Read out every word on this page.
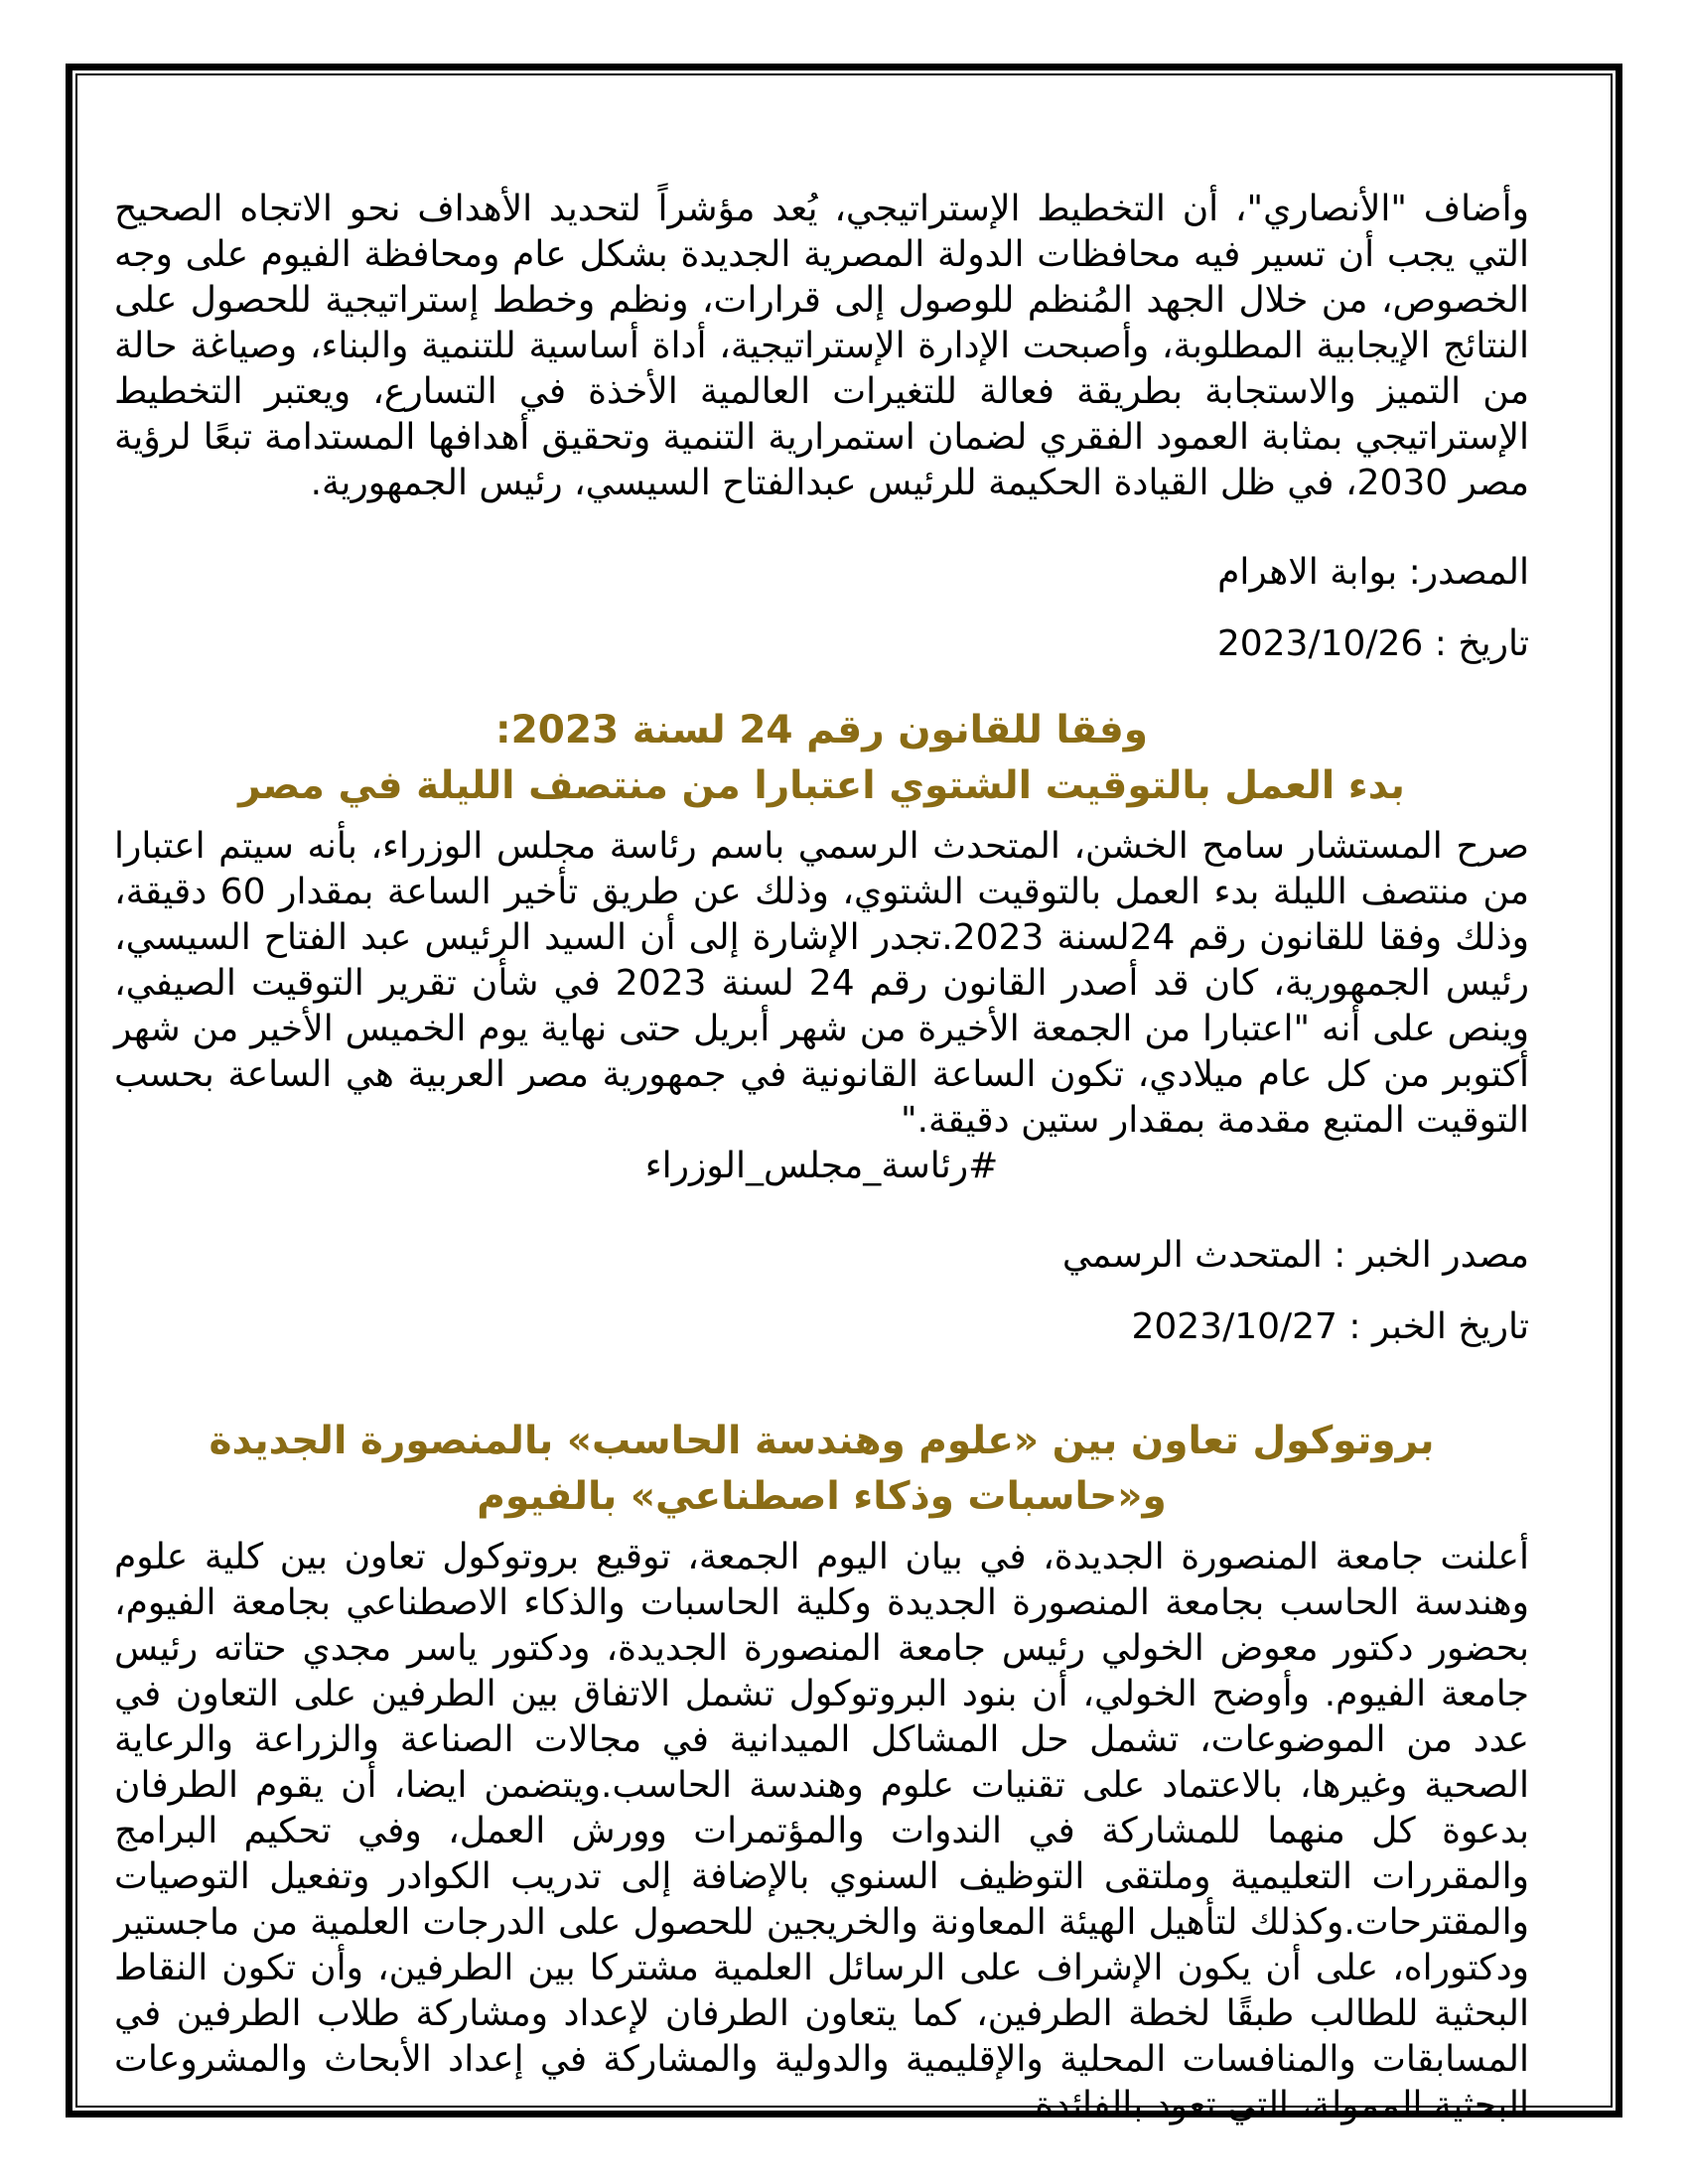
وأضاف "الأنصاري"، أن التخطيط الإستراتيجي، يُعد مؤشراً لتحديد الأهداف نحو الاتجاه الصحيح التي يجب أن تسير فيه محافظات الدولة المصرية الجديدة بشكل عام ومحافظة الفيوم على وجه الخصوص، من خلال الجهد المُنظم للوصول إلى قرارات، ونظم وخطط إستراتيجية للحصول على النتائج الإيجابية المطلوبة، وأصبحت الإدارة الإستراتيجية، أداة أساسية للتنمية والبناء، وصياغة حالة من التميز والاستجابة بطريقة فعالة للتغيرات العالمية الأخذة في التسارع، ويعتبر التخطيط الإستراتيجي بمثابة العمود الفقري لضمان استمرارية التنمية وتحقيق أهدافها المستدامة تبعًا لرؤية مصر 2030، في ظل القيادة الحكيمة للرئيس عبدالفتاح السيسي، رئيس الجمهورية.

المصدر: بوابة الاهرام

تاريخ : 2023/10/26

وفقا للقانون رقم 24 لسنة 2023:
بدء العمل بالتوقيت الشتوي اعتبارا من منتصف الليلة في مصر

صرح المستشار سامح الخشن، المتحدث الرسمي باسم رئاسة مجلس الوزراء، بأنه سيتم اعتبارا من منتصف الليلة بدء العمل بالتوقيت الشتوي، وذلك عن طريق تأخير الساعة بمقدار 60 دقيقة، وذلك وفقا للقانون رقم 24لسنة 2023.تجدر الإشارة إلى أن السيد الرئيس عبد الفتاح السيسي، رئيس الجمهورية، كان قد أصدر القانون رقم 24 لسنة 2023 في شأن تقرير التوقيت الصيفي، وينص على أنه "اعتبارا من الجمعة الأخيرة من شهر أبريل حتى نهاية يوم الخميس الأخير من شهر أكتوبر من كل عام ميلادي، تكون الساعة القانونية في جمهورية مصر العربية هي الساعة بحسب التوقيت المتبع مقدمة بمقدار ستين دقيقة."

#رئاسة_مجلس_الوزراء

مصدر الخبر : المتحدث الرسمي

تاريخ الخبر : 2023/10/27

بروتوكول تعاون بين «علوم وهندسة الحاسب» بالمنصورة الجديدة و«حاسبات وذكاء اصطناعي» بالفيوم

أعلنت جامعة المنصورة الجديدة، في بيان اليوم الجمعة، توقيع بروتوكول تعاون بين كلية علوم وهندسة الحاسب بجامعة المنصورة الجديدة وكلية الحاسبات والذكاء الاصطناعي بجامعة الفيوم، بحضور دكتور معوض الخولي رئيس جامعة المنصورة الجديدة، ودكتور ياسر مجدي حتاته رئيس جامعة الفيوم. وأوضح الخولي، أن بنود البروتوكول تشمل الاتفاق بين الطرفين على التعاون في عدد من الموضوعات، تشمل حل المشاكل الميدانية في مجالات الصناعة والزراعة والرعاية الصحية وغيرها، بالاعتماد على تقنيات علوم وهندسة الحاسب.ويتضمن ايضا، أن يقوم الطرفان بدعوة كل منهما للمشاركة في الندوات والمؤتمرات وورش العمل، وفي تحكيم البرامج والمقررات التعليمية وملتقى التوظيف السنوي بالإضافة إلى تدريب الكوادر وتفعيل التوصيات والمقترحات.وكذلك لتأهيل الهيئة المعاونة والخريجين للحصول على الدرجات العلمية من ماجستير ودكتوراه، على أن يكون الإشراف على الرسائل العلمية مشتركا بين الطرفين، وأن تكون النقاط البحثية للطالب طبقًا لخطة الطرفين، كما يتعاون الطرفان لإعداد ومشاركة طلاب الطرفين في المسابقات والمنافسات المحلية والإقليمية والدولية والمشاركة في إعداد الأبحاث والمشروعات البحثية الممولة، التي تعود بالفائدة
